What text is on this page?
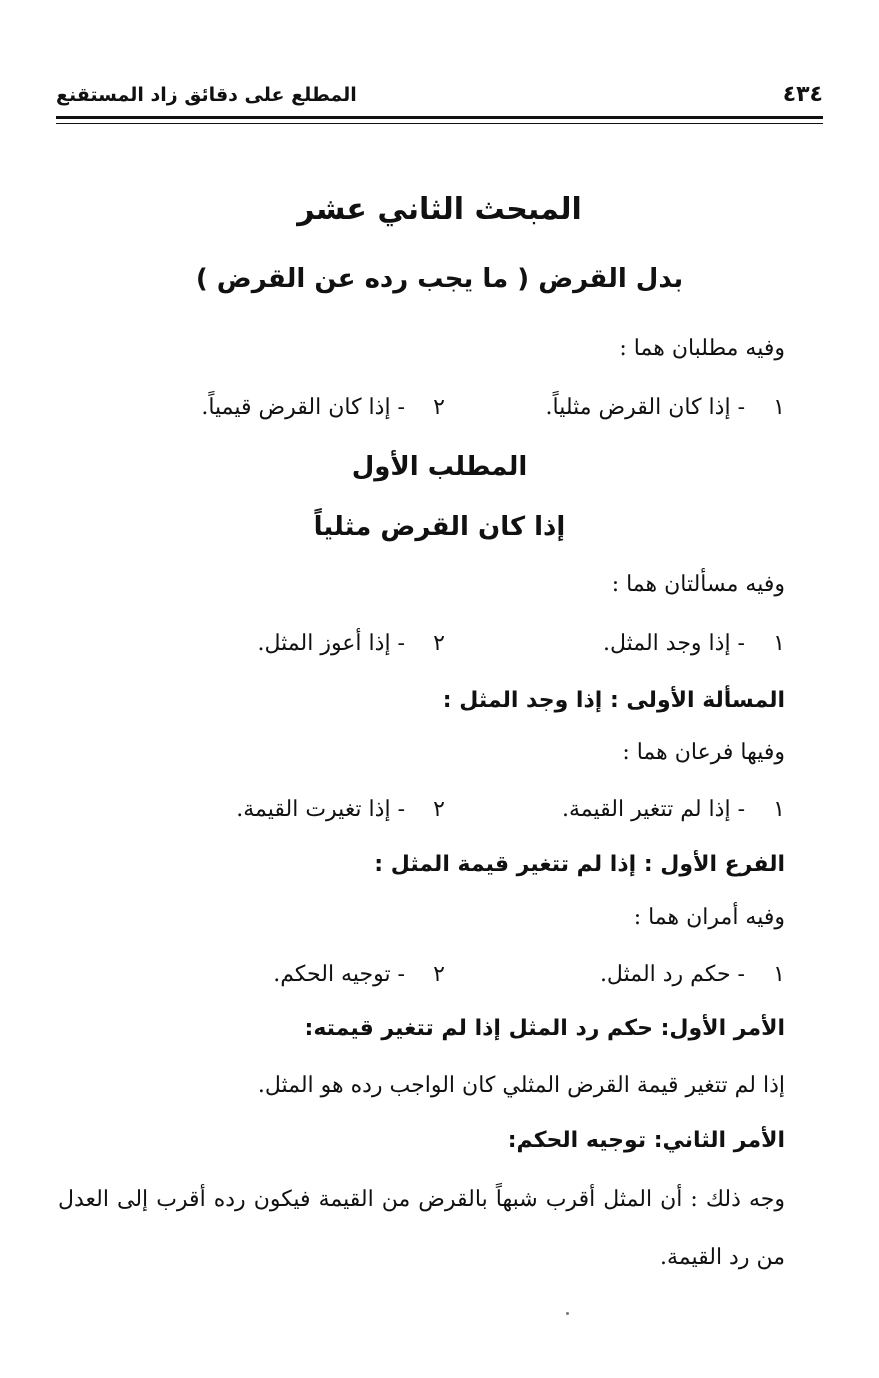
٤٣٤
المطلع على دقائق زاد المستقنع
المبحث الثاني عشر
بدل القرض ( ما يجب رده عن القرض )
وفيه مطلبان هما :
١  - إذا كان القرض مثلياً.
٢  - إذا كان القرض قيمياً.
المطلب الأول
إذا كان القرض مثلياً
وفيه مسألتان هما :
١  - إذا وجد المثل.
٢  - إذا أعوز المثل.
المسألة الأولى : إذا وجد المثل :
وفيها فرعان هما :
١  - إذا لم تتغير القيمة.
٢  - إذا تغيرت القيمة.
الفرع الأول : إذا لم تتغير قيمة المثل :
وفيه أمران هما :
١  - حكم رد المثل.
٢  - توجيه الحكم.
الأمر الأول: حكم رد المثل إذا لم تتغير قيمته:
إذا لم تتغير قيمة القرض المثلي كان الواجب رده هو المثل.
الأمر الثاني: توجيه الحكم:
وجه ذلك : أن المثل أقرب شبهاً بالقرض من القيمة فيكون رده أقرب إلى العدل من رد القيمة.
